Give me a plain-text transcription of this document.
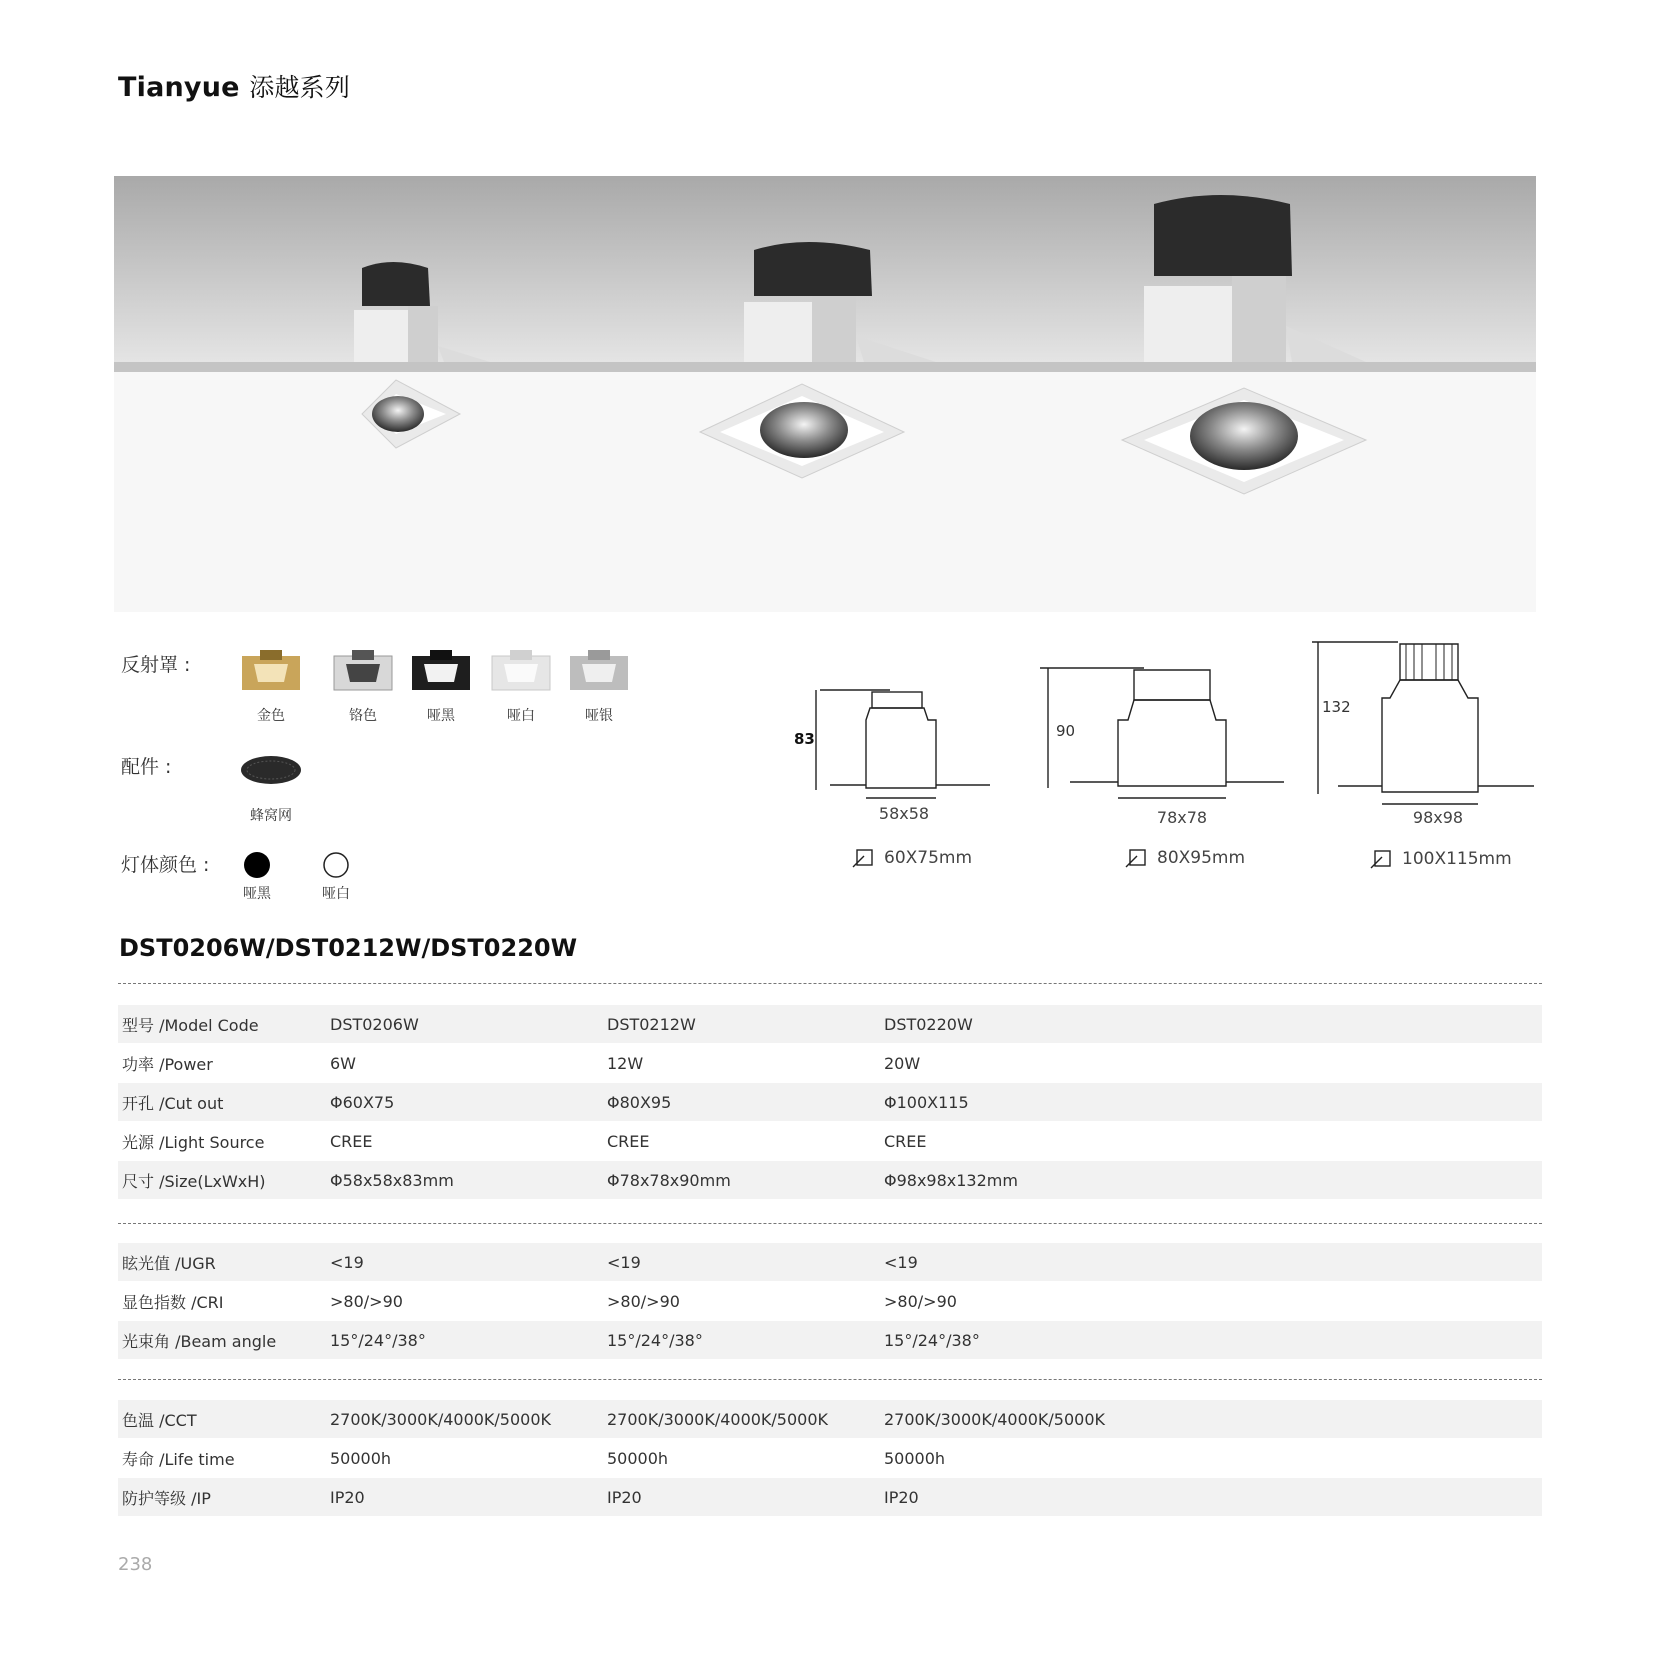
Tianyue 添越系列
反射罩 :
金色	铬色	哑黑	哑白	哑银
配件 :
蜂窝网
灯体颜色 :
哑黑	哑白
83
58x58
60X75mm
90
78x78
80X95mm
132
98x98
100X115mm
DST0206W/DST0212W/DST0220W
型号 /Model Code	DST0206W	DST0212W	DST0220W
功率 /Power	6W	12W	20W
开孔 /Cut out	Φ60X75	Φ80X95	Φ100X115
光源 /Light Source	CREE	CREE	CREE
尺寸 /Size(LxWxH)	Φ58x58x83mm	Φ78x78x90mm	Φ98x98x132mm
眩光值 /UGR	<19	<19	<19
显色指数 /CRI	>80/>90	>80/>90	>80/>90
光束角 /Beam angle	15°/24°/38°	15°/24°/38°	15°/24°/38°
色温 /CCT	2700K/3000K/4000K/5000K	2700K/3000K/4000K/5000K	2700K/3000K/4000K/5000K
寿命 /Life time	50000h	50000h	50000h
防护等级 /IP	IP20	IP20	IP20
238
